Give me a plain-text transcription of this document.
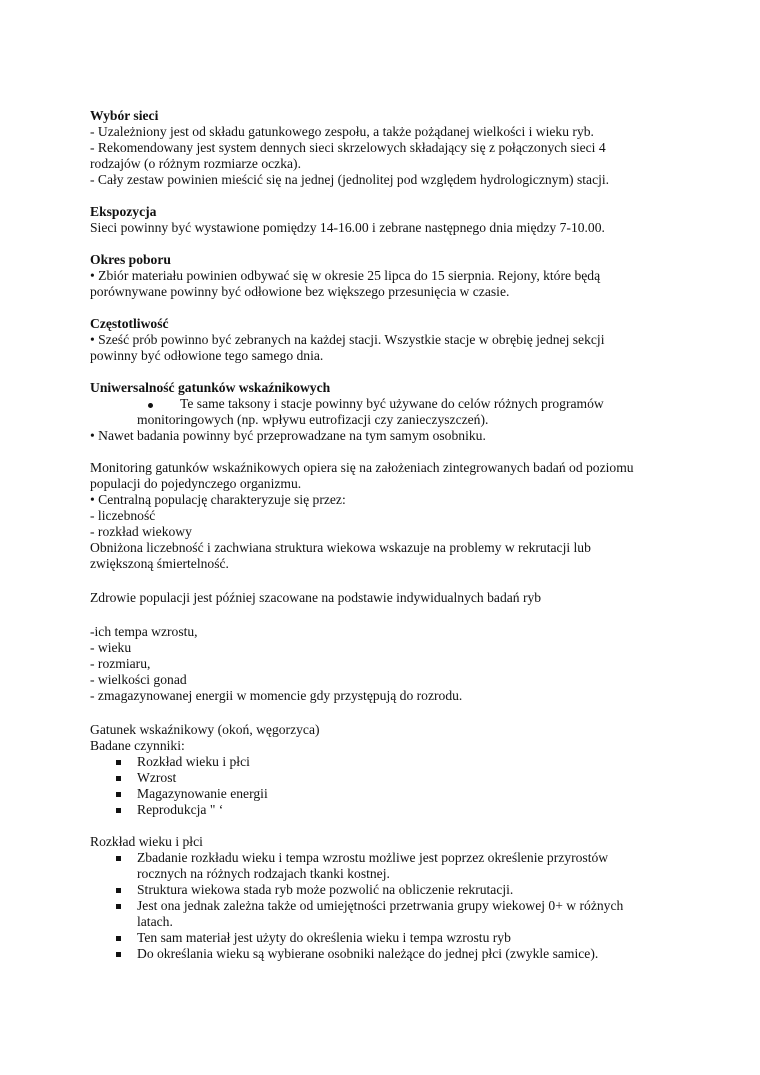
Wybór sieci
- Uzależniony jest od składu gatunkowego zespołu, a także pożądanej wielkości i wieku ryb.
- Rekomendowany jest system dennych sieci skrzelowych składający się z połączonych sieci 4
rodzajów (o różnym rozmiarze oczka).
- Cały zestaw powinien mieścić się na jednej (jednolitej pod względem hydrologicznym) stacji.
Ekspozycja
Sieci powinny być wystawione pomiędzy 14-16.00 i zebrane następnego dnia między 7-10.00.
Okres poboru
• Zbiór materiału powinien odbywać się w okresie 25 lipca do 15 sierpnia. Rejony, które będą
porównywane powinny być odłowione bez większego przesunięcia w czasie.
Częstotliwość
• Sześć prób powinno być zebranych na każdej stacji. Wszystkie stacje w obrębię jednej sekcji
powinny być odłowione tego samego dnia.
Uniwersalność gatunków wskaźnikowych
Te same taksony i stacje powinny być używane do celów różnych programów
monitoringowych (np. wpływu eutrofizacji czy zanieczyszczeń).
• Nawet badania powinny być przeprowadzane na tym samym osobniku.
Monitoring gatunków wskaźnikowych opiera się na założeniach zintegrowanych badań od poziomu
populacji do pojedynczego organizmu.
• Centralną populację charakteryzuje się przez:
- liczebność
- rozkład wiekowy
Obniżona liczebność i zachwiana struktura wiekowa wskazuje na problemy w rekrutacji lub
zwiększoną śmiertelność.
Zdrowie populacji jest później szacowane na podstawie indywidualnych badań ryb
-ich tempa wzrostu,
- wieku
- rozmiaru,
- wielkości gonad
- zmagazynowanej energii w momencie gdy przystępują do rozrodu.
Gatunek wskaźnikowy (okoń, węgorzyca)
Badane czynniki:
Rozkład wieku i płci
Wzrost
Magazynowanie energii
Reprodukcja " ‘
Rozkład wieku i płci
Zbadanie rozkładu wieku i tempa wzrostu możliwe jest poprzez określenie przyrostów
rocznych na różnych rodzajach tkanki kostnej.
Struktura wiekowa stada ryb może pozwolić na obliczenie rekrutacji.
Jest ona jednak zależna także od umiejętności przetrwania grupy wiekowej 0+ w różnych
latach.
Ten sam materiał jest użyty do określenia wieku i tempa wzrostu ryb
Do określania wieku są wybierane osobniki należące do jednej płci (zwykle samice).
